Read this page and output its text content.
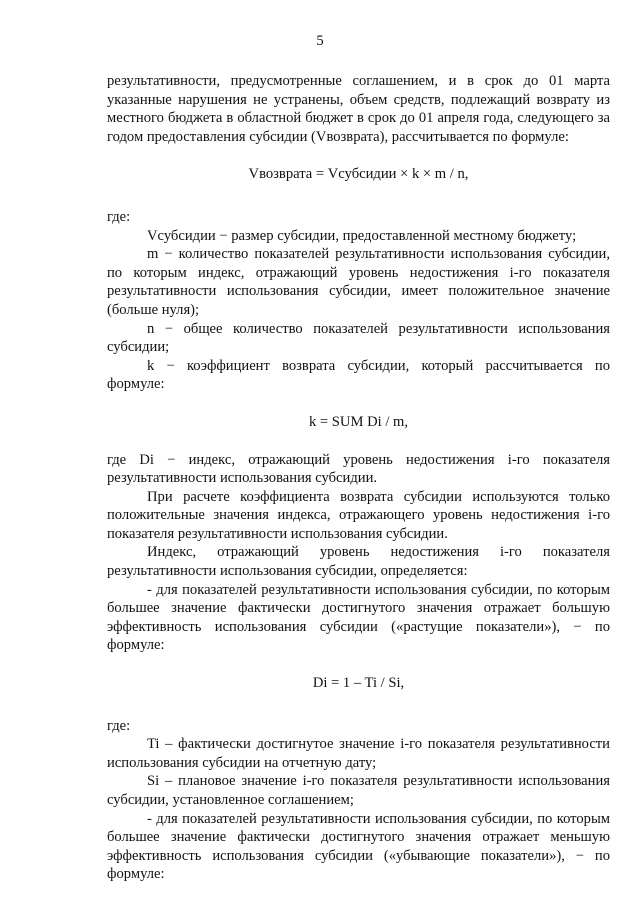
5

результативности, предусмотренные соглашением, и в срок до 01 марта указанные нарушения не устранены, объем средств, подлежащий возврату из местного бюджета в областной бюджет в срок до 01 апреля года, следующего за годом предоставления субсидии (Vвозврата), рассчитывается по формуле:

Vвозврата = Vсубсидии × k × m / n,

где:

Vсубсидии − размер субсидии, предоставленной местному бюджету;

m − количество показателей результативности использования субсидии, по которым индекс, отражающий уровень недостижения i-го показателя результативности использования субсидии, имеет положительное значение (больше нуля);

n − общее количество показателей результативности использования субсидии;

k − коэффициент возврата субсидии, который рассчитывается по формуле:

k = SUM Di / m,

где Di − индекс, отражающий уровень недостижения i-го показателя результативности использования субсидии.

При расчете коэффициента возврата субсидии используются только положительные значения индекса, отражающего уровень недостижения i-го показателя результативности использования субсидии.

Индекс, отражающий уровень недостижения i-го показателя результативности использования субсидии, определяется:

- для показателей результативности использования субсидии, по которым большее значение фактически достигнутого значения отражает большую эффективность использования субсидии («растущие показатели»), − по формуле:

Di = 1 – Ti / Si,

где:

Ti – фактически достигнутое значение i-го показателя результативности использования субсидии на отчетную дату;

Si – плановое значение i-го показателя результативности использования субсидии, установленное соглашением;

- для показателей результативности использования субсидии, по которым большее значение фактически достигнутого значения отражает меньшую эффективность использования субсидии («убывающие показатели»), − по формуле:
